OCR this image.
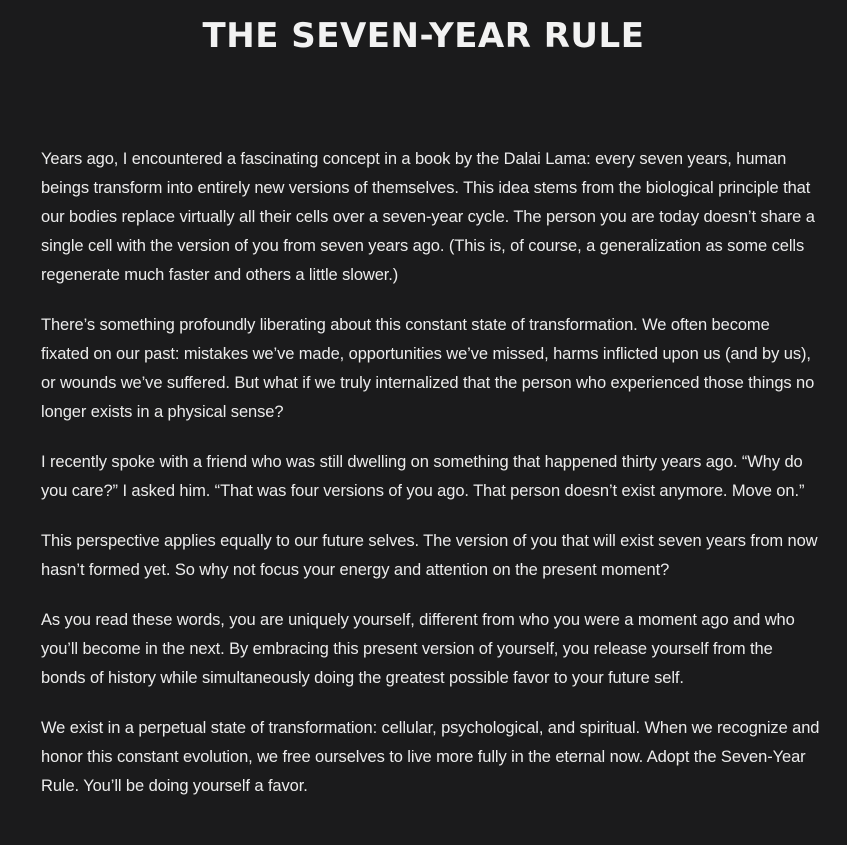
THE SEVEN-YEAR RULE

Years ago, I encountered a fascinating concept in a book by the Dalai Lama: every seven years, human beings transform into entirely new versions of themselves. This idea stems from the biological principle that our bodies replace virtually all their cells over a seven-year cycle. The person you are today doesn’t share a single cell with the version of you from seven years ago. (This is, of course, a generalization as some cells regenerate much faster and others a little slower.)

There’s something profoundly liberating about this constant state of transformation. We often become fixated on our past: mistakes we’ve made, opportunities we’ve missed, harms inflicted upon us (and by us), or wounds we’ve suffered. But what if we truly internalized that the person who experienced those things no longer exists in a physical sense?

I recently spoke with a friend who was still dwelling on something that happened thirty years ago. “Why do you care?” I asked him. “That was four versions of you ago. That person doesn’t exist anymore. Move on.”

This perspective applies equally to our future selves. The version of you that will exist seven years from now hasn’t formed yet. So why not focus your energy and attention on the present moment?

As you read these words, you are uniquely yourself, different from who you were a moment ago and who you’ll become in the next. By embracing this present version of yourself, you release yourself from the bonds of history while simultaneously doing the greatest possible favor to your future self.

We exist in a perpetual state of transformation: cellular, psychological, and spiritual. When we recognize and honor this constant evolution, we free ourselves to live more fully in the eternal now. Adopt the Seven-Year Rule. You’ll be doing yourself a favor.
